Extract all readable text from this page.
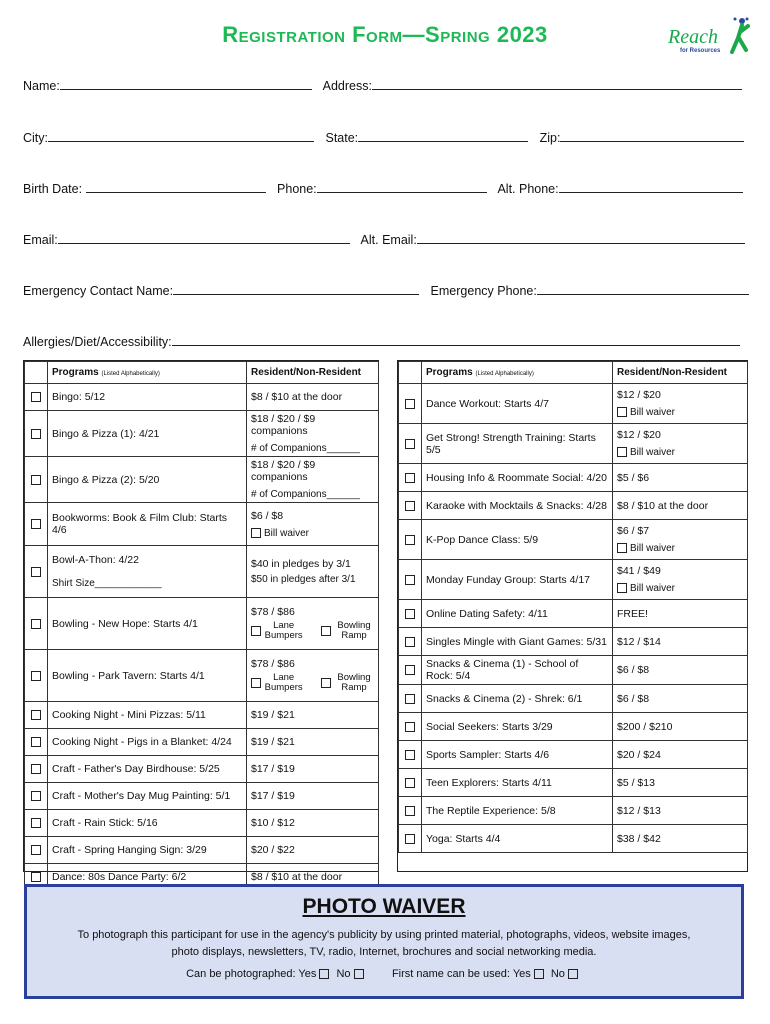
Registration Form—Spring 2023	Reach
for Resources
Name:	Address:
City:	State:	Zip:
Birth Date:	Phone:	Alt. Phone:
Email:	Alt. Email:
Emergency Contact Name:	Emergency Phone:
Allergies/Diet/Accessibility:
	Programs (Listed Alphabetically)	Resident/Non-Resident
	Bingo: 5/12	$8 / $10 at the door
	Bingo & Pizza (1): 4/21	$18 / $20 / $9 companions
# of Companions______

	Bingo & Pizza (2): 5/20	$18 / $20 / $9 companions
# of Companions______

	Bookworms: Book & Film Club: Starts 4/6	$6 / $8
Bill waiver

	Bowl-A-Thon: 4/22
Shirt Size____________	$40 in pledges by 3/1
$50 in pledges after 3/1

	Bowling - New Hope: Starts 4/1	$78 / $86
Lane Bumpers
Bowling Ramp

	Bowling - Park Tavern: Starts 4/1	$78 / $86
Lane Bumpers
Bowling Ramp

	Cooking Night - Mini Pizzas: 5/11	$19 / $21
	Cooking Night - Pigs in a Blanket: 4/24	$19 / $21
	Craft - Father's Day Birdhouse: 5/25	$17 / $19
	Craft - Mother's Day Mug Painting: 5/1	$17 / $19
	Craft - Rain Stick: 5/16	$10 / $12
	Craft - Spring Hanging Sign: 3/29	$20 / $22
	Dance: 80s Dance Party: 6/2	$8 / $10 at the door
	Programs (Listed Alphabetically)	Resident/Non-Resident
	Dance Workout: Starts 4/7	$12 / $20
Bill waiver

	Get Strong! Strength Training: Starts 5/5	$12 / $20
Bill waiver

	Housing Info & Roommate Social: 4/20	$5 / $6
	Karaoke with Mocktails & Snacks: 4/28	$8 / $10 at the door
	K-Pop Dance Class: 5/9	$6 / $7
Bill waiver

	Monday Funday Group: Starts 4/17	$41 / $49
Bill waiver

	Online Dating Safety: 4/11	FREE!
	Singles Mingle with Giant Games: 5/31	$12 / $14
	Snacks & Cinema (1) - School of Rock: 5/4	$6 / $8
	Snacks & Cinema (2) - Shrek: 6/1	$6 / $8
	Social Seekers: Starts 3/29	$200 / $210
	Sports Sampler: Starts 4/6	$20 / $24
	Teen Explorers: Starts 4/11	$5 / $13
	The Reptile Experience: 5/8	$12 / $13
	Yoga: Starts 4/4	$38 / $42
PHOTO WAIVER
To photograph this participant for use in the agency's publicity by using printed material, photographs, videos, website images, photo displays, newsletters, TV, radio, Internet, brochures and social networking media.
Can be photographed: Yes No	First name can be used: Yes No
